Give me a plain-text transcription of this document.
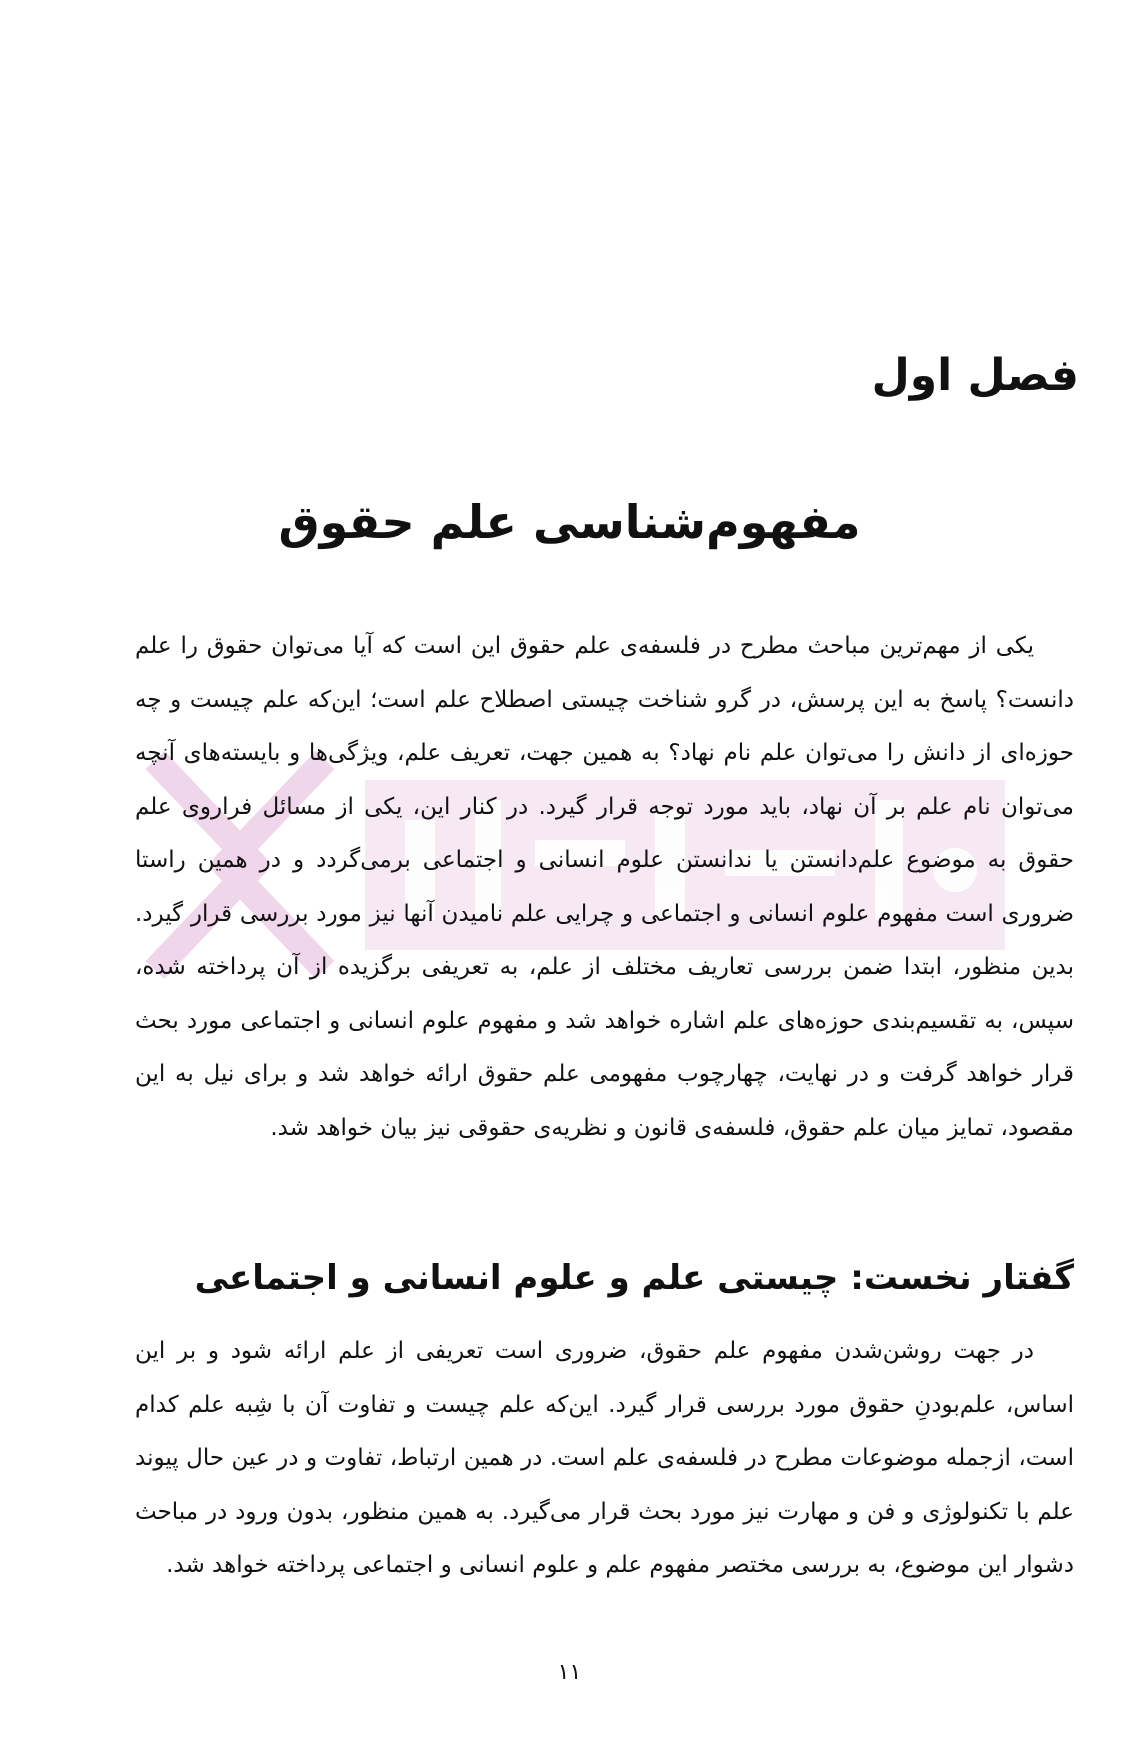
فصل اول
مفهوم‌شناسی علم حقوق

یکی از مهم‌ترین مباحث مطرح در فلسفه‌ی علم حقوق این است که آیا می‌توان حقوق را علم دانست؟ پاسخ به این پرسش، در گرو شناخت چیستی اصطلاح علم است؛ این‌که علم چیست و چه حوزه‌ای از دانش را می‌توان علم نام نهاد؟ به همین جهت، تعریف علم، ویژگی‌ها و بایسته‌های آنچه می‌توان نام علم بر آن نهاد، باید مورد توجه قرار گیرد. در کنار این، یکی از مسائل فراروی علم حقوق به موضوع علم‌دانستن یا ندانستن علوم انسانی و اجتماعی برمی‌گردد و در همین راستا ضروری است مفهوم علوم انسانی و اجتماعی و چرایی علم نامیدن آنها نیز مورد بررسی قرار گیرد. بدین منظور، ابتدا ضمن بررسی تعاریف مختلف از علم، به تعریفی برگزیده از آن پرداخته شده، سپس، به تقسیم‌بندی حوزه‌های علم اشاره خواهد شد و مفهوم علوم انسانی و اجتماعی مورد بحث قرار خواهد گرفت و در نهایت، چهارچوب مفهومی علم حقوق ارائه خواهد شد و برای نیل به این مقصود، تمایز میان علم حقوق، فلسفه‌ی قانون و نظریه‌ی حقوقی نیز بیان خواهد شد.

گفتار نخست: چیستی علم و علوم انسانی و اجتماعی

در جهت روشن‌شدن مفهوم علم حقوق، ضروری است تعریفی از علم ارائه شود و بر این اساس، علم‌بودنِ حقوق مورد بررسی قرار گیرد. این‌که علم چیست و تفاوت آن با شِبه علم کدام است، ازجمله موضوعات مطرح در فلسفه‌ی علم است. در همین ارتباط، تفاوت و در عین حال پیوند علم با تکنولوژی و فن و مهارت نیز مورد بحث قرار می‌گیرد. به همین منظور، بدون ورود در مباحث دشوار این موضوع، به بررسی مختصر مفهوم علم و علوم انسانی و اجتماعی پرداخته خواهد شد.

۱۱
